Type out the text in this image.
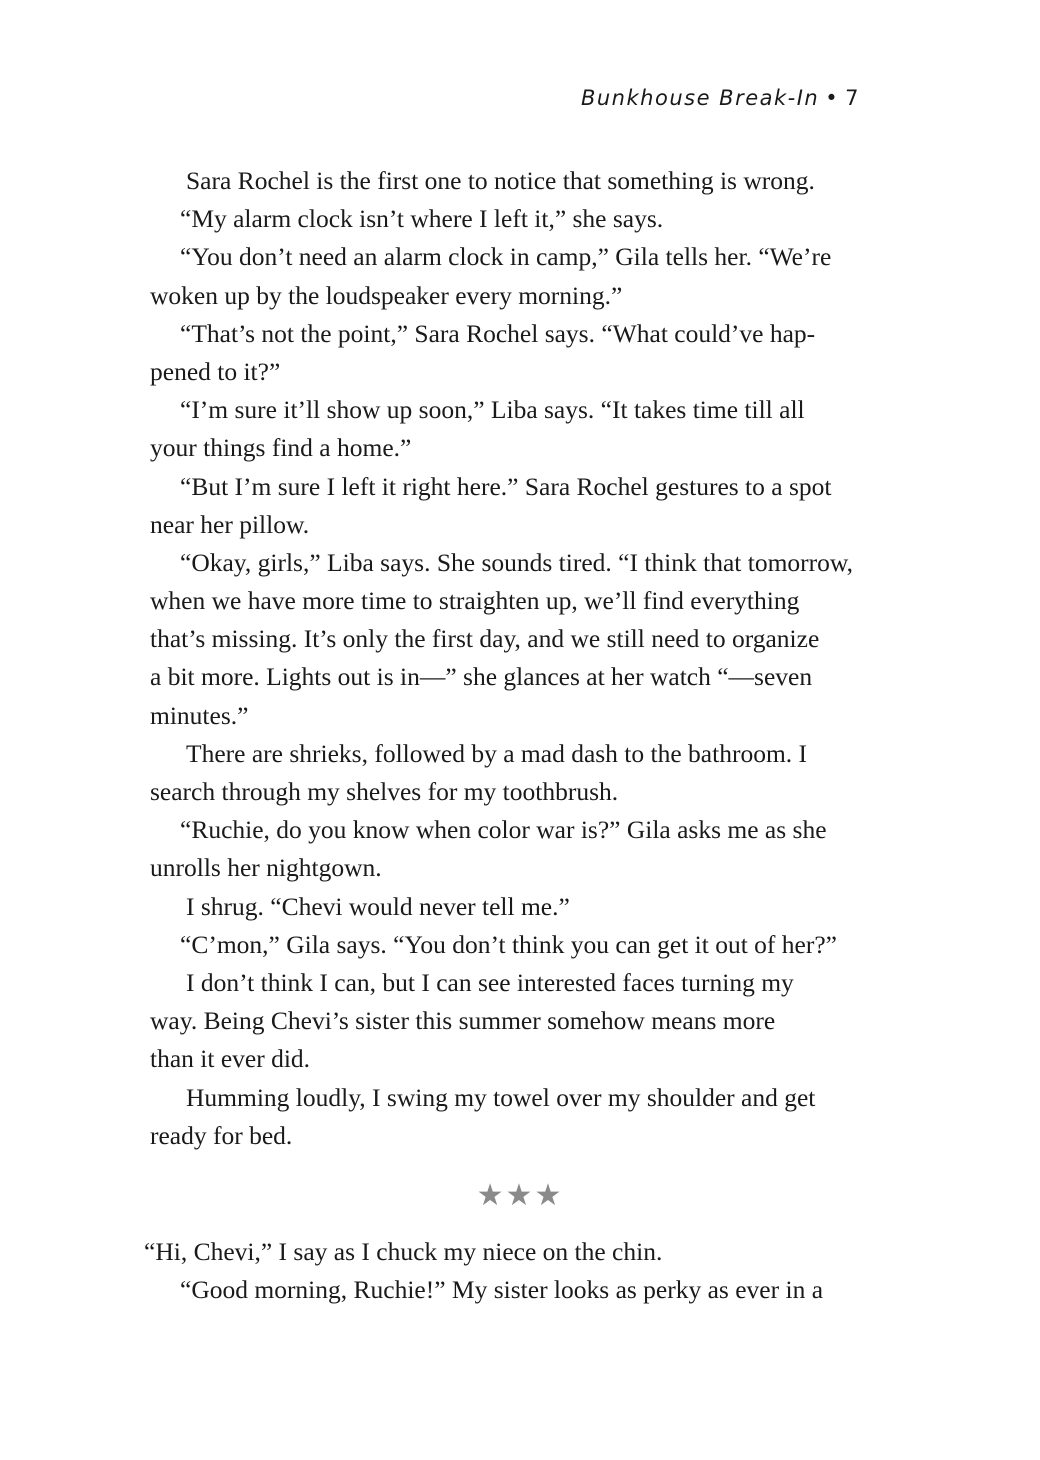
Bunkhouse Break-In • 7
Sara Rochel is the first one to notice that something is wrong.
“My alarm clock isn’t where I left it,” she says.
“You don’t need an alarm clock in camp,” Gila tells her. “We’re
woken up by the loudspeaker every morning.”
“That’s not the point,” Sara Rochel says. “What could’ve hap-
pened to it?”
“I’m sure it’ll show up soon,” Liba says. “It takes time till all
your things find a home.”
“But I’m sure I left it right here.” Sara Rochel gestures to a spot
near her pillow.
“Okay, girls,” Liba says. She sounds tired. “I think that tomorrow,
when we have more time to straighten up, we’ll find everything
that’s missing. It’s only the first day, and we still need to organize
a bit more. Lights out is in—” she glances at her watch “—seven
minutes.”
There are shrieks, followed by a mad dash to the bathroom. I
search through my shelves for my toothbrush.
“Ruchie, do you know when color war is?” Gila asks me as she
unrolls her nightgown.
I shrug. “Chevi would never tell me.”
“C’mon,” Gila says. “You don’t think you can get it out of her?”
I don’t think I can, but I can see interested faces turning my
way. Being Chevi’s sister this summer somehow means more
than it ever did.
Humming loudly, I swing my towel over my shoulder and get
ready for bed.
★★★
“Hi, Chevi,” I say as I chuck my niece on the chin.
“Good morning, Ruchie!” My sister looks as perky as ever in a
